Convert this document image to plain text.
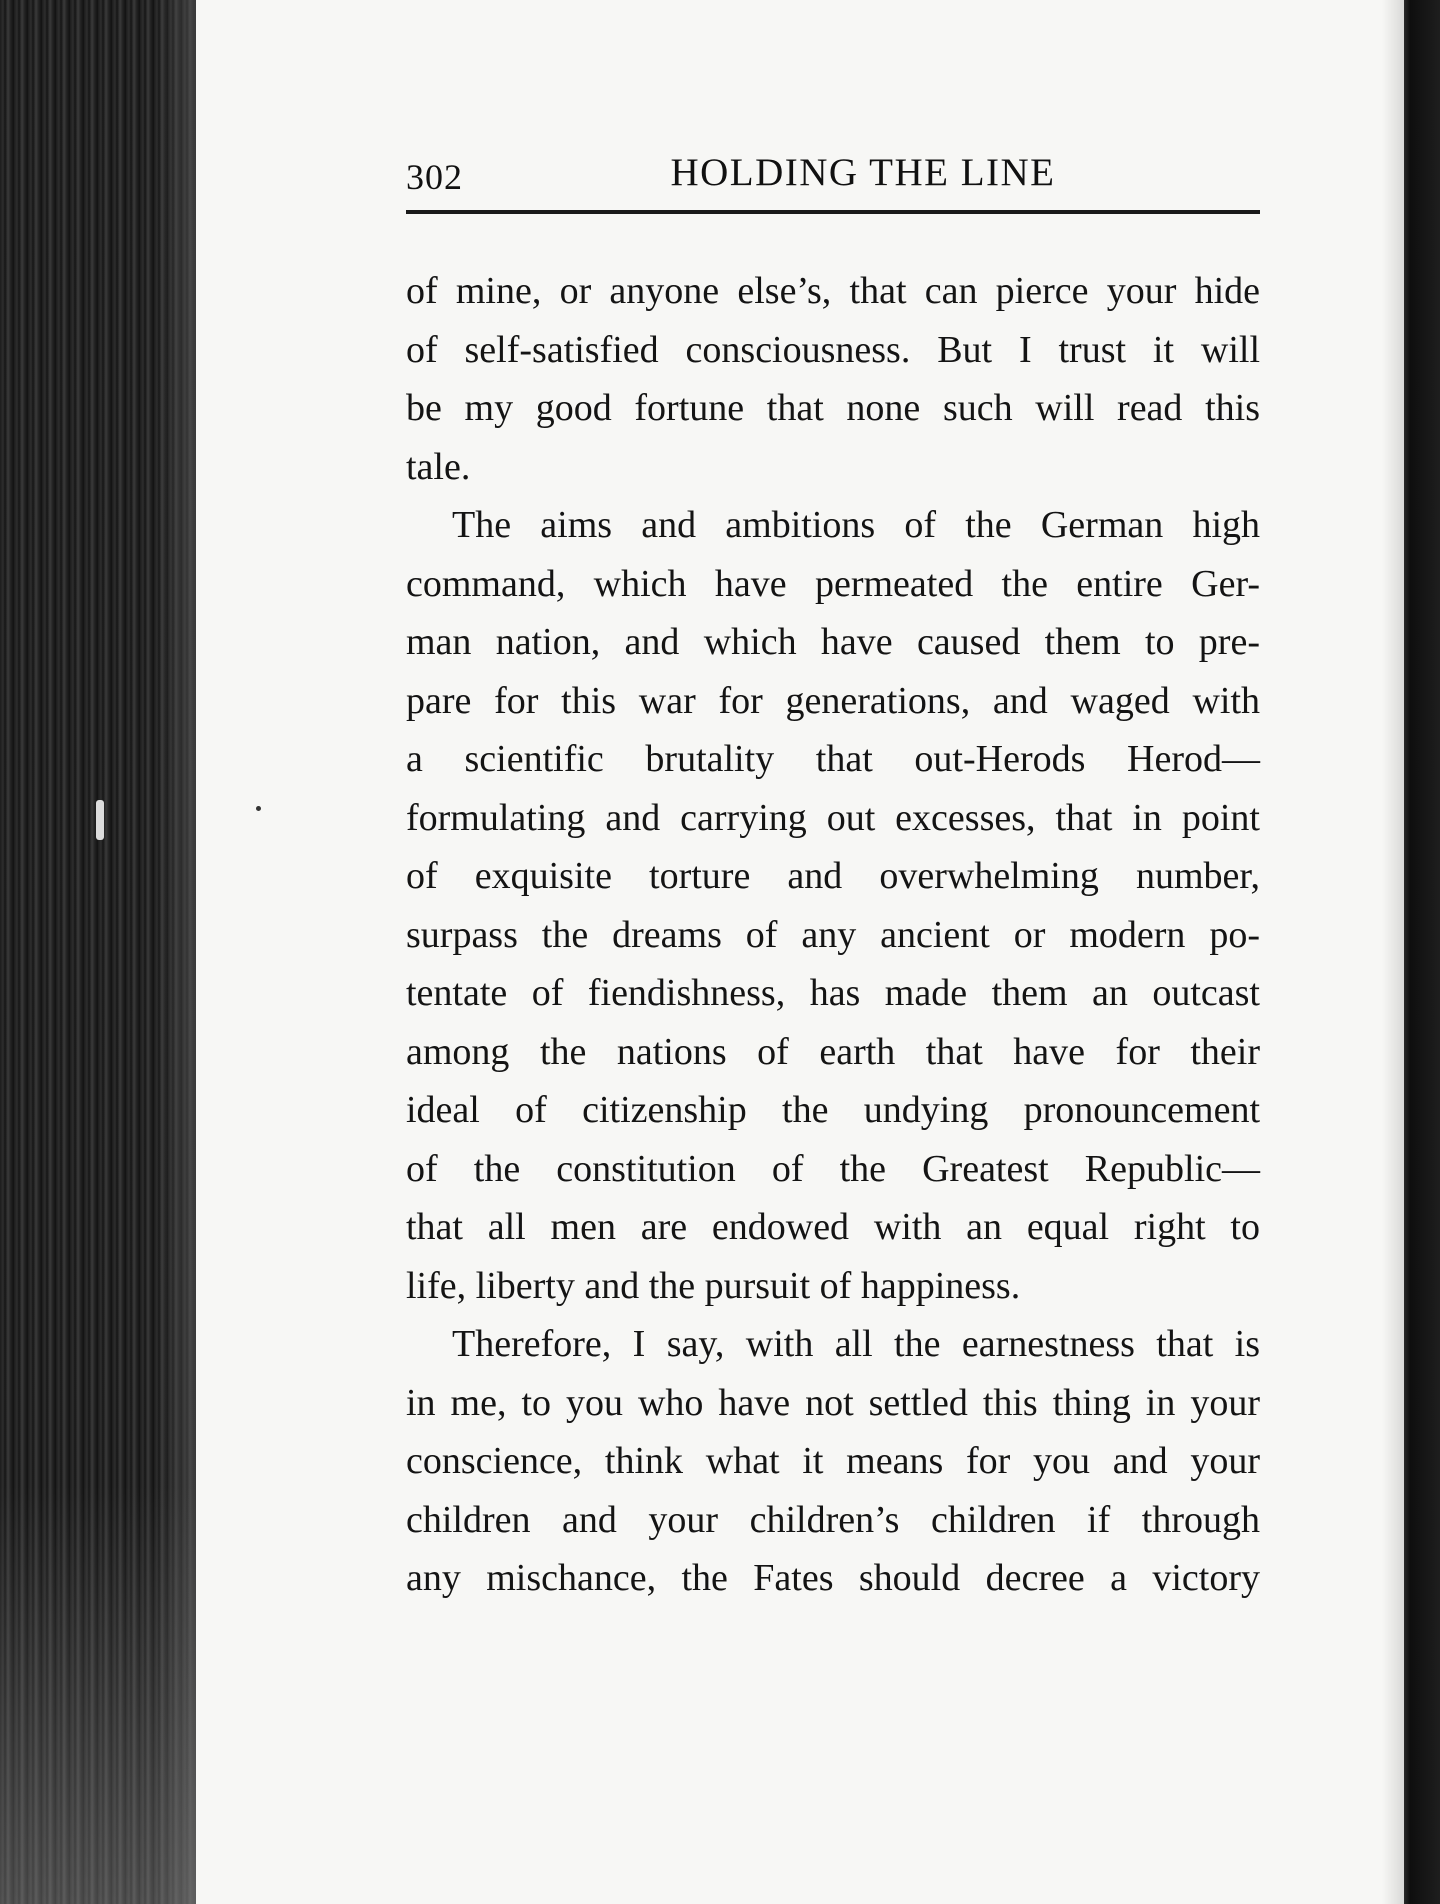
302	HOLDING THE LINE
of mine, or anyone else’s, that can pierce your hide
of self-satisfied consciousness. But I trust it will
be my good fortune that none such will read this
tale.
The aims and ambitions of the German high
command, which have permeated the entire Ger-
man nation, and which have caused them to pre-
pare for this war for generations, and waged with
a scientific brutality that out-Herods Herod—
formulating and carrying out excesses, that in point
of exquisite torture and overwhelming number,
surpass the dreams of any ancient or modern po-
tentate of fiendishness, has made them an outcast
among the nations of earth that have for their
ideal of citizenship the undying pronouncement
of the constitution of the Greatest Republic—
that all men are endowed with an equal right to
life, liberty and the pursuit of happiness.
Therefore, I say, with all the earnestness that is
in me, to you who have not settled this thing in your
conscience, think what it means for you and your
children and your children’s children if through
any mischance, the Fates should decree a victory
